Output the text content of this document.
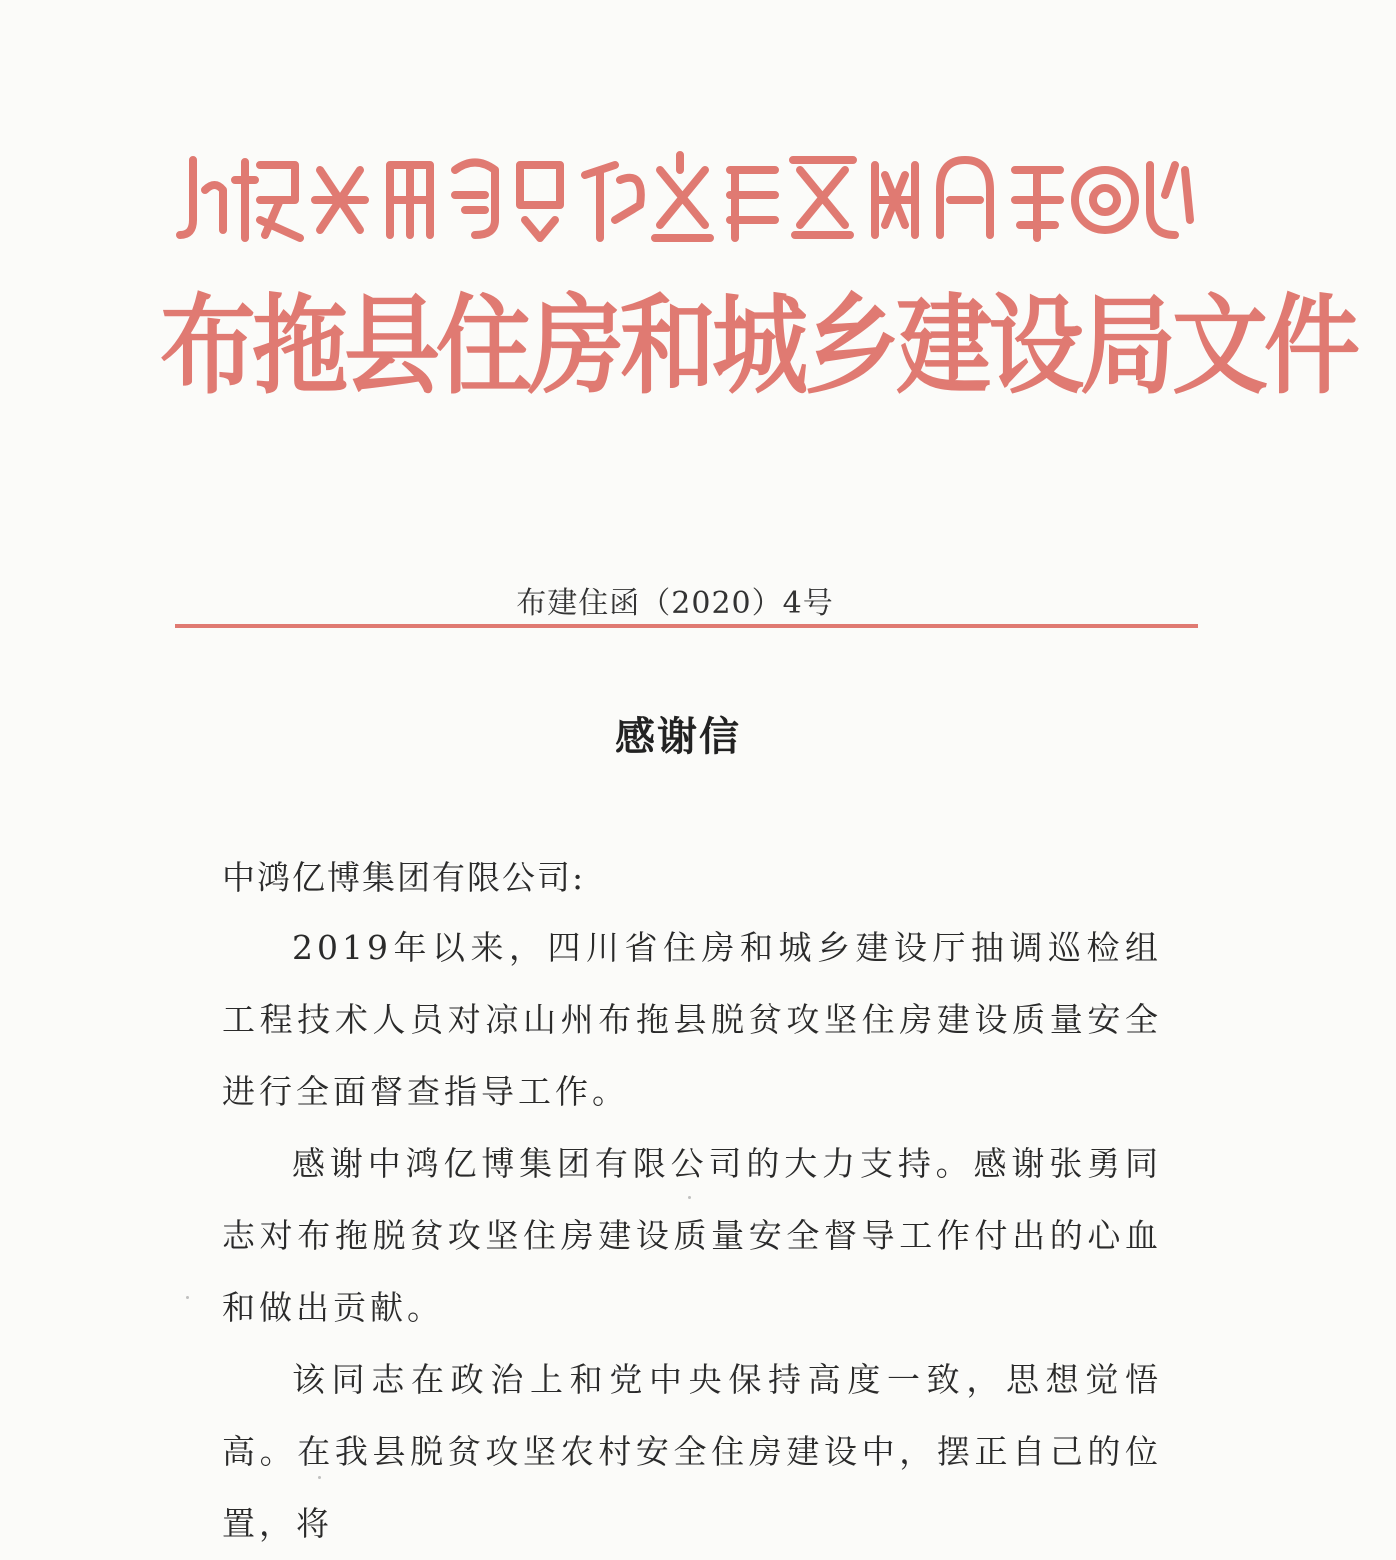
布拖县住房和城乡建设局文件
布建住函（2020）4号
感谢信
中鸿亿博集团有限公司:

2019年以来，四川省住房和城乡建设厅抽调巡检组工程技术人员对凉山州布拖县脱贫攻坚住房建设质量安全进行全面督查指导工作。

感谢中鸿亿博集团有限公司的大力支持。感谢张勇同志对布拖脱贫攻坚住房建设质量安全督导工作付出的心血和做出贡献。

该同志在政治上和党中央保持高度一致，思想觉悟高。在我县脱贫攻坚农村安全住房建设中，摆正自己的位置，将
